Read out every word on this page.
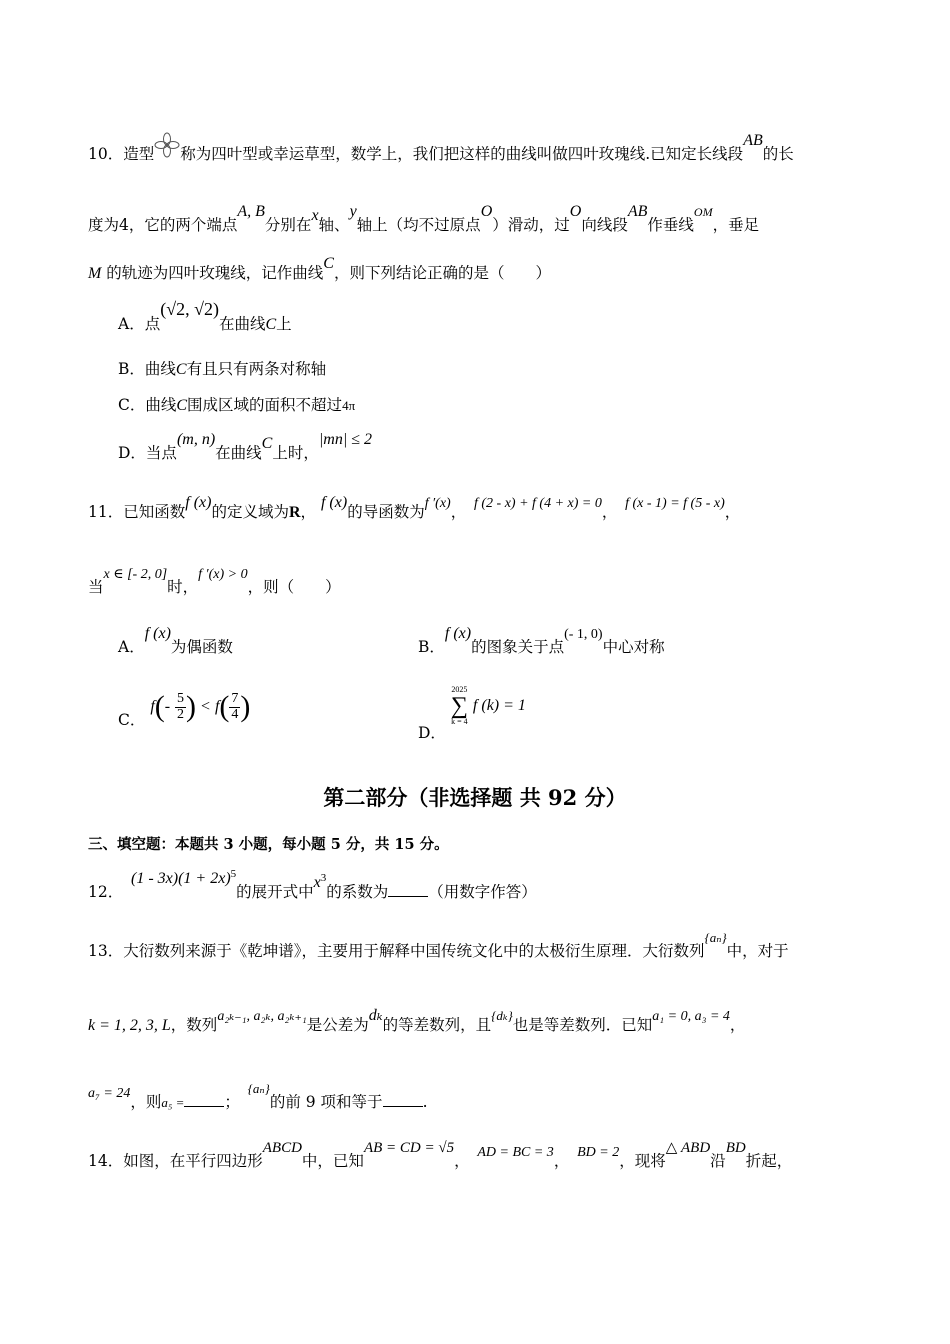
10．造型 称为四叶型或幸运草型，数学上，我们把这样的曲线叫做四叶玫瑰线.已知定长线段AB的长
度为4，它的两个端点A, B分别在x轴、y轴上（均不过原点O）滑动，过O向线段AB作垂线$^{OM}$，垂足
M 的轨迹为四叶玫瑰线，记作曲线C，则下列结论正确的是（　　）
A．点(√2, √2)在曲线C上
B．曲线C有且只有两条对称轴
C．曲线C围成区域的面积不超过4π
D．当点(m, n)在曲线C上时，|mn| ≤ 2
11．已知函数f (x)的定义域为R， f (x)的导函数为f ′(x)，　 f (2 - x) + f (4 + x) = 0，　 f (x - 1) = f (5 - x)，
当x ∈ [- 2, 0]时，f ′(x) > 0，则（　　）
A．f (x)为偶函数	B．f (x)的图象关于点(- 1, 0)中心对称
C． $f(- \frac{5}{2}$ ) < $f( \frac{7}{4}$ )
D．
2025
∑
k = 4
f (k) = 1
第二部分（非选择题 共 92 分）
三、填空题：本题共 3 小题，每小题 5 分，共 15 分。
12．　$(1 - 3x)(1 + 2x)^5$的展开式中$x^3$的系数为	（用数字作答）
13．大衍数列来源于《乾坤谱》，主要用于解释中国传统文化中的太极衍生原理．大衍数列$^{\{a_n\}}$中，对于
k = 1, 2, 3, L，数列a₂ₖ₋₁, a₂ₖ, a₂ₖ₊₁是公差为dₖ的等差数列，且$^{\{d_k\}}$也是等差数列．已知a₁ = 0, a₃ = 4，
a₇ = 24，则a₅ =	；　$^{\{a_n\}}$的前 9 项和等于	.
14．如图，在平行四边形ABCD中，已知AB = CD = √5，　 AD = BC = 3，　 BD = 2，现将△ ABD沿BD折起，
